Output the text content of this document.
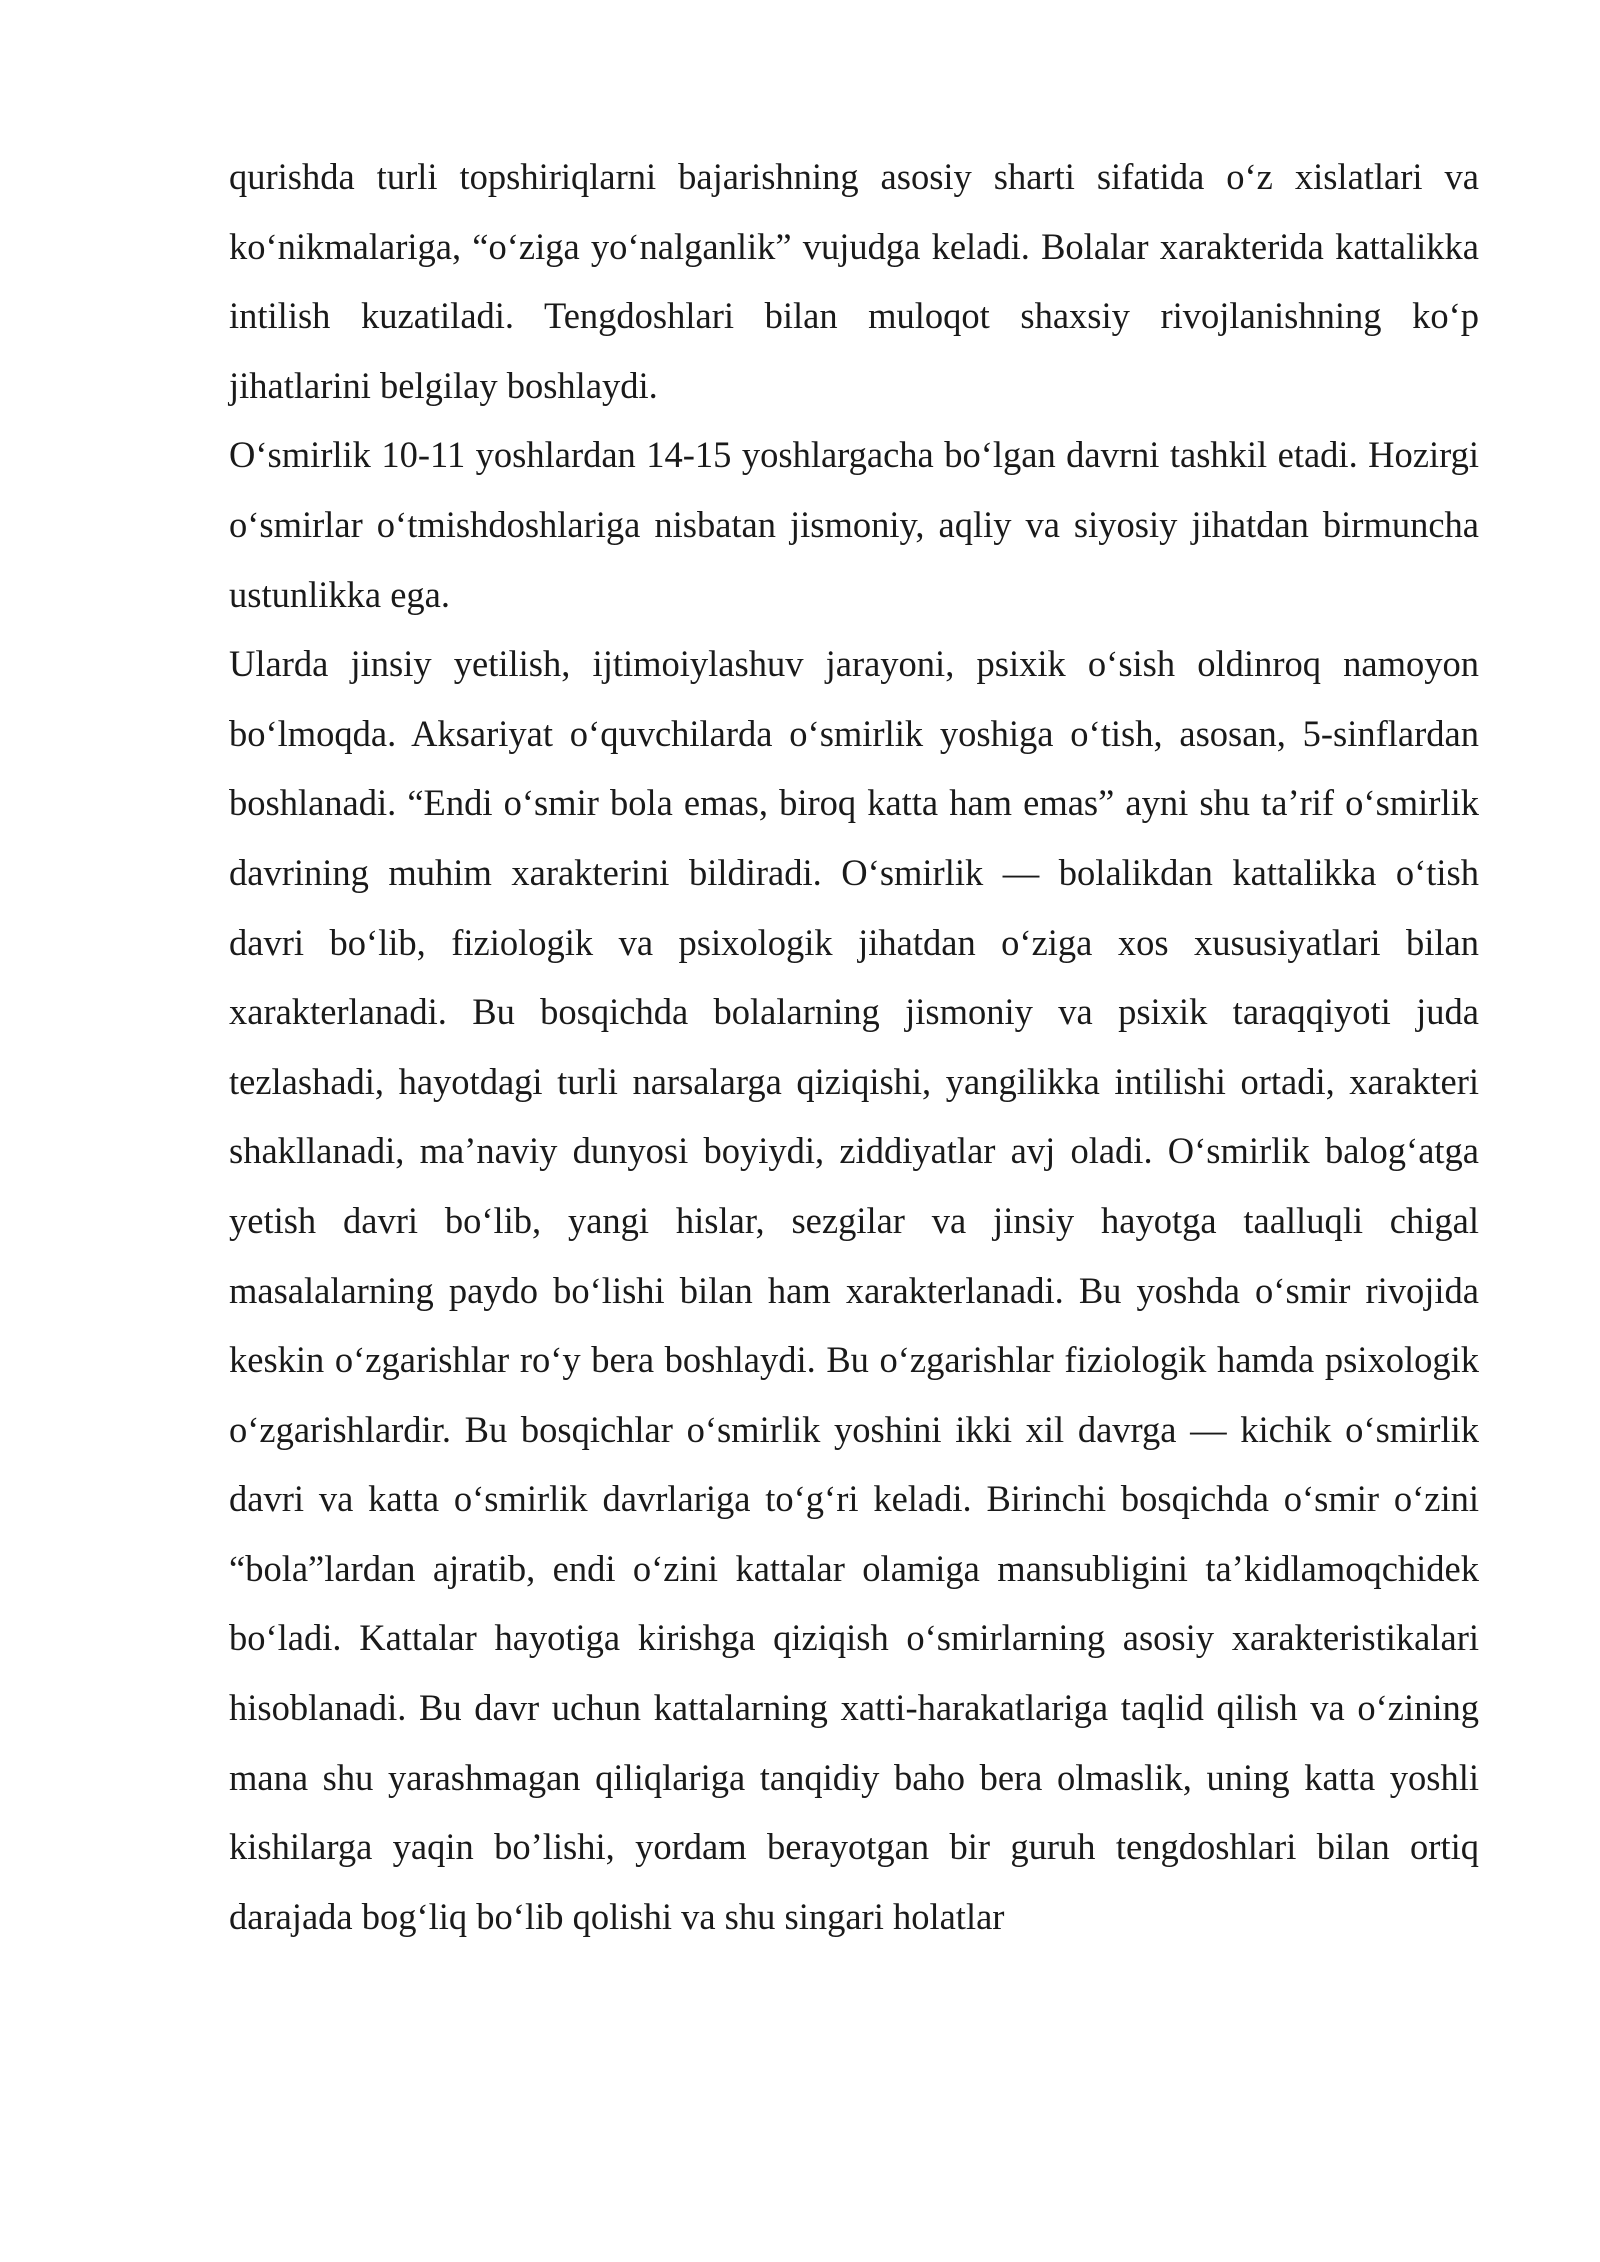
qurishda turli topshiriqlarni bajarishning asosiy sharti sifatida o‘z xislatlari va ko‘nikmalariga, “o‘ziga yo‘nalganlik” vujudga keladi. Bolalar xarakterida kattalikka intilish kuzatiladi. Tengdoshlari bilan muloqot shaxsiy rivojlanishning ko‘p jihatlarini belgilay boshlaydi.

O‘smirlik 10-11 yoshlardan 14-15 yoshlargacha bo‘lgan davrni tashkil etadi. Hozirgi o‘smirlar o‘tmishdoshlariga nisbatan jismoniy, aqliy va siyosiy jihatdan birmuncha ustunlikka ega.

Ularda jinsiy yetilish, ijtimoiylashuv jarayoni, psixik o‘sish oldinroq namoyon bo‘lmoqda. Aksariyat o‘quvchilarda o‘smirlik yoshiga o‘tish, asosan, 5-sinflardan boshlanadi. “Endi o‘smir bola emas, biroq katta ham emas” ayni shu ta’rif o‘smirlik davrining muhim xarakterini bildiradi. O‘smirlik — bolalikdan kattalikka o‘tish davri bo‘lib, fiziologik va psixologik jihatdan o‘ziga xos xususiyatlari bilan xarakterlanadi. Bu bosqichda bolalarning jismoniy va psixik taraqqiyoti juda tezlashadi, hayotdagi turli narsalarga qiziqishi, yangilikka intilishi ortadi, xarakteri shakllanadi, ma’naviy dunyosi boyiydi, ziddiyatlar avj oladi. O‘smirlik balog‘atga yetish davri bo‘lib, yangi hislar, sezgilar va jinsiy hayotga taalluqli chigal masalalarning paydo bo‘lishi bilan ham xarakterlanadi. Bu yoshda o‘smir rivojida keskin o‘zgarishlar ro‘y bera boshlaydi. Bu o‘zgarishlar fiziologik hamda psixologik o‘zgarishlardir. Bu bosqichlar o‘smirlik yoshini ikki xil davrga — kichik o‘smirlik davri va katta o‘smirlik davrlariga to‘g‘ri keladi. Birinchi bosqichda o‘smir o‘zini “bola”lardan ajratib, endi o‘zini kattalar olamiga mansubligini ta’kidlamoqchidek bo‘ladi. Kattalar hayotiga kirishga qiziqish o‘smirlarning asosiy xarakteristikalari hisoblanadi. Bu davr uchun kattalarning xatti-harakatlariga taqlid qilish va o‘zining mana shu yarashmagan qiliqlariga tanqidiy baho bera olmaslik, uning katta yoshli kishilarga yaqin bo’lishi, yordam berayotgan bir guruh tengdoshlari bilan ortiq darajada bog‘liq bo‘lib qolishi va shu singari holatlar
